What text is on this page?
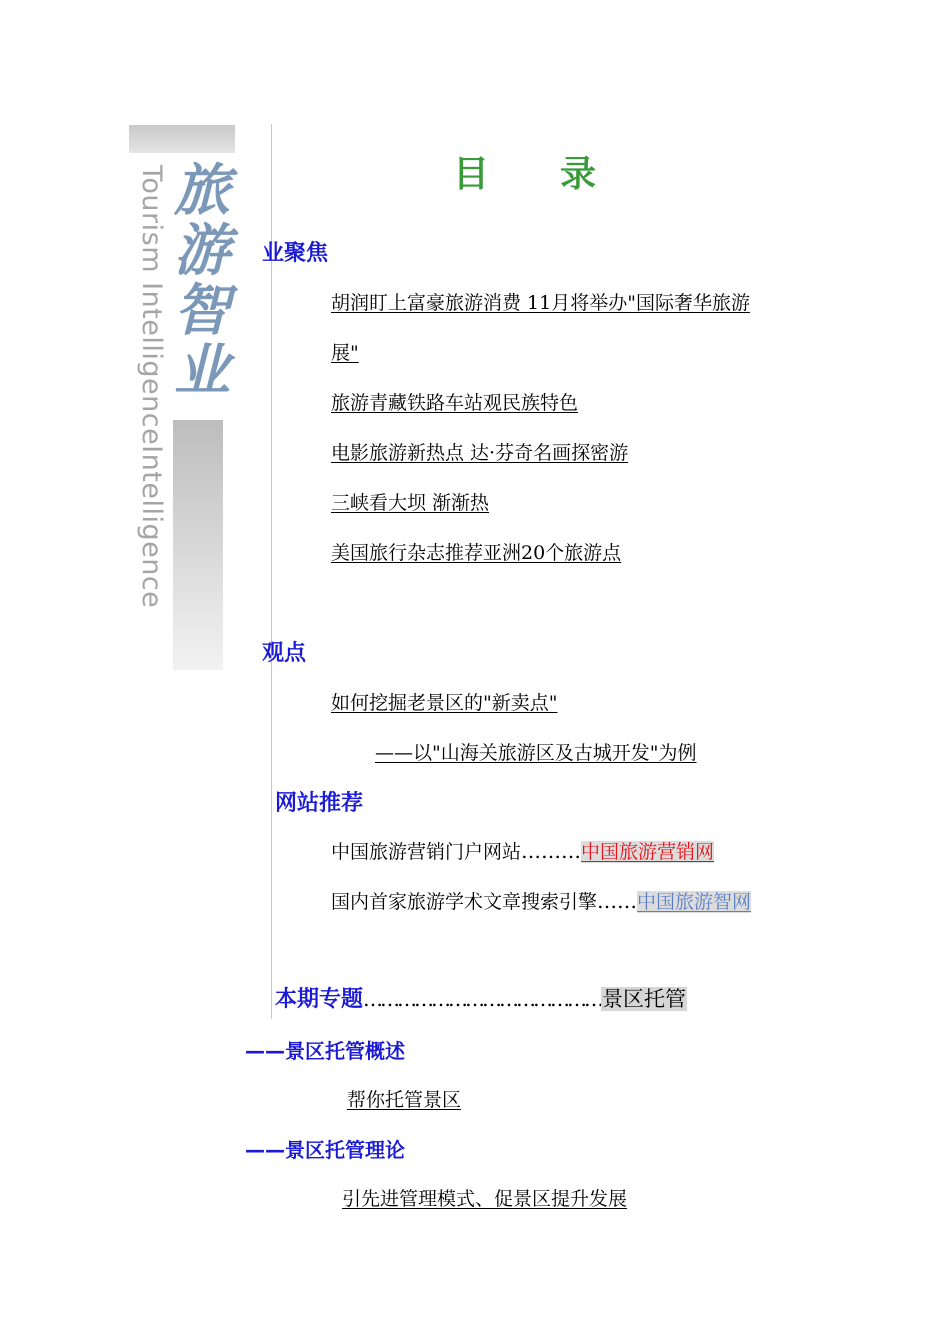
Tourism IntelligenceIntelligence
旅游智业	目 录
业聚焦
胡润盯上富豪旅游消费 11月将举办"国际奢华旅游
展"
旅游青藏铁路车站观民族特色
电影旅游新热点 达·芬奇名画探密游
三峡看大坝 渐渐热
美国旅行杂志推荐亚洲20个旅游点
观点
如何挖掘老景区的"新卖点"
——以"山海关旅游区及古城开发"为例
网站推荐
中国旅游营销门户网站………中国旅游营销网
国内首家旅游学术文章搜索引擎……中国旅游智网
本期专题……………………………………景区托管
——景区托管概述
帮你托管景区
——景区托管理论
引先进管理模式、促景区提升发展
